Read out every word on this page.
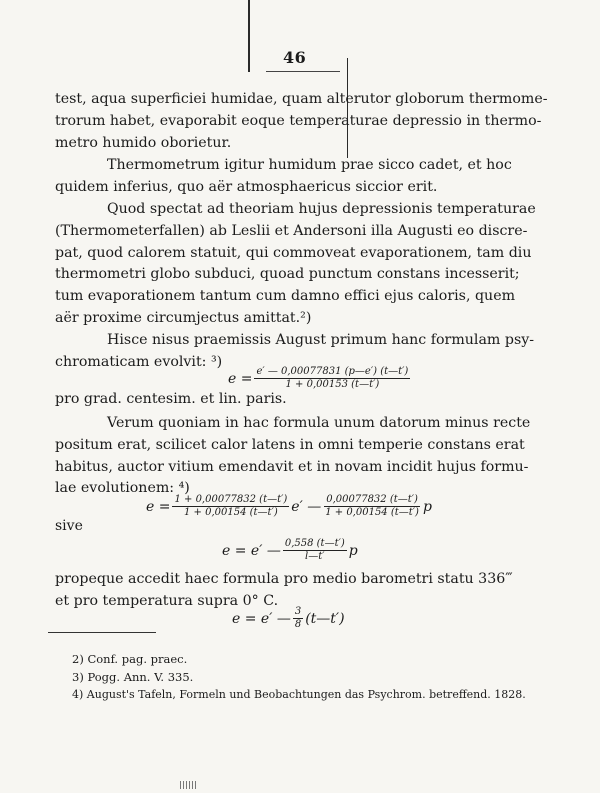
46
test, aqua superficiei humidae, quam alterutor globorum thermome-
trorum habet, evaporabit eoque temperaturae depressio in thermo-
metro humido oborietur.
Thermometrum igitur humidum prae sicco cadet, et hoc
quidem inferius, quo aër atmosphaericus siccior erit.
Quod spectat ad theoriam hujus depressionis temperaturae
(Thermometerfallen) ab Leslii et Andersoni illa Augusti eo discre-
pat, quod calorem statuit, qui commoveat evaporationem, tam diu
thermometri globo subduci, quoad punctum constans incesserit;
tum evaporationem tantum cum damno effici ejus caloris, quem
aër proxime circumjectus amittat.²)
Hisce nisus praemissis August primum hanc formulam psy-
chromaticam evolvit: ³)
$e = \frac{e' — 0,00077831 (p—e') (t—t')}{1 + 0,00153 (t—t')}$
pro grad. centesim. et lin. paris.
Verum quoniam in hac formula unum datorum minus recte
positum erat, scilicet calor latens in omni temperie constans erat
habitus, auctor vitium emendavit et in novam incidit hujus formu-
lae evolutionem: ⁴)
$e = \frac{1 + 0,00077832 (t—t')}{1 + 0,00154 (t—t')} e'$ — $\frac{0,00077832 (t—t')}{1 + 0,00154 (t—t')}$ p
sive
e = e′ — $\frac{0,558 (t—t')}{l—t'}$ p
propeque accedit haec formula pro medio barometri statu 336‴
et pro temperatura supra 0° C.
e = e′ — $\frac{3}{8}$ (t—t′)
2) Conf. pag. praec.
3) Pogg. Ann. V. 335.
4) August's Tafeln, Formeln und Beobachtungen das Psychrom. betreffend. 1828.
